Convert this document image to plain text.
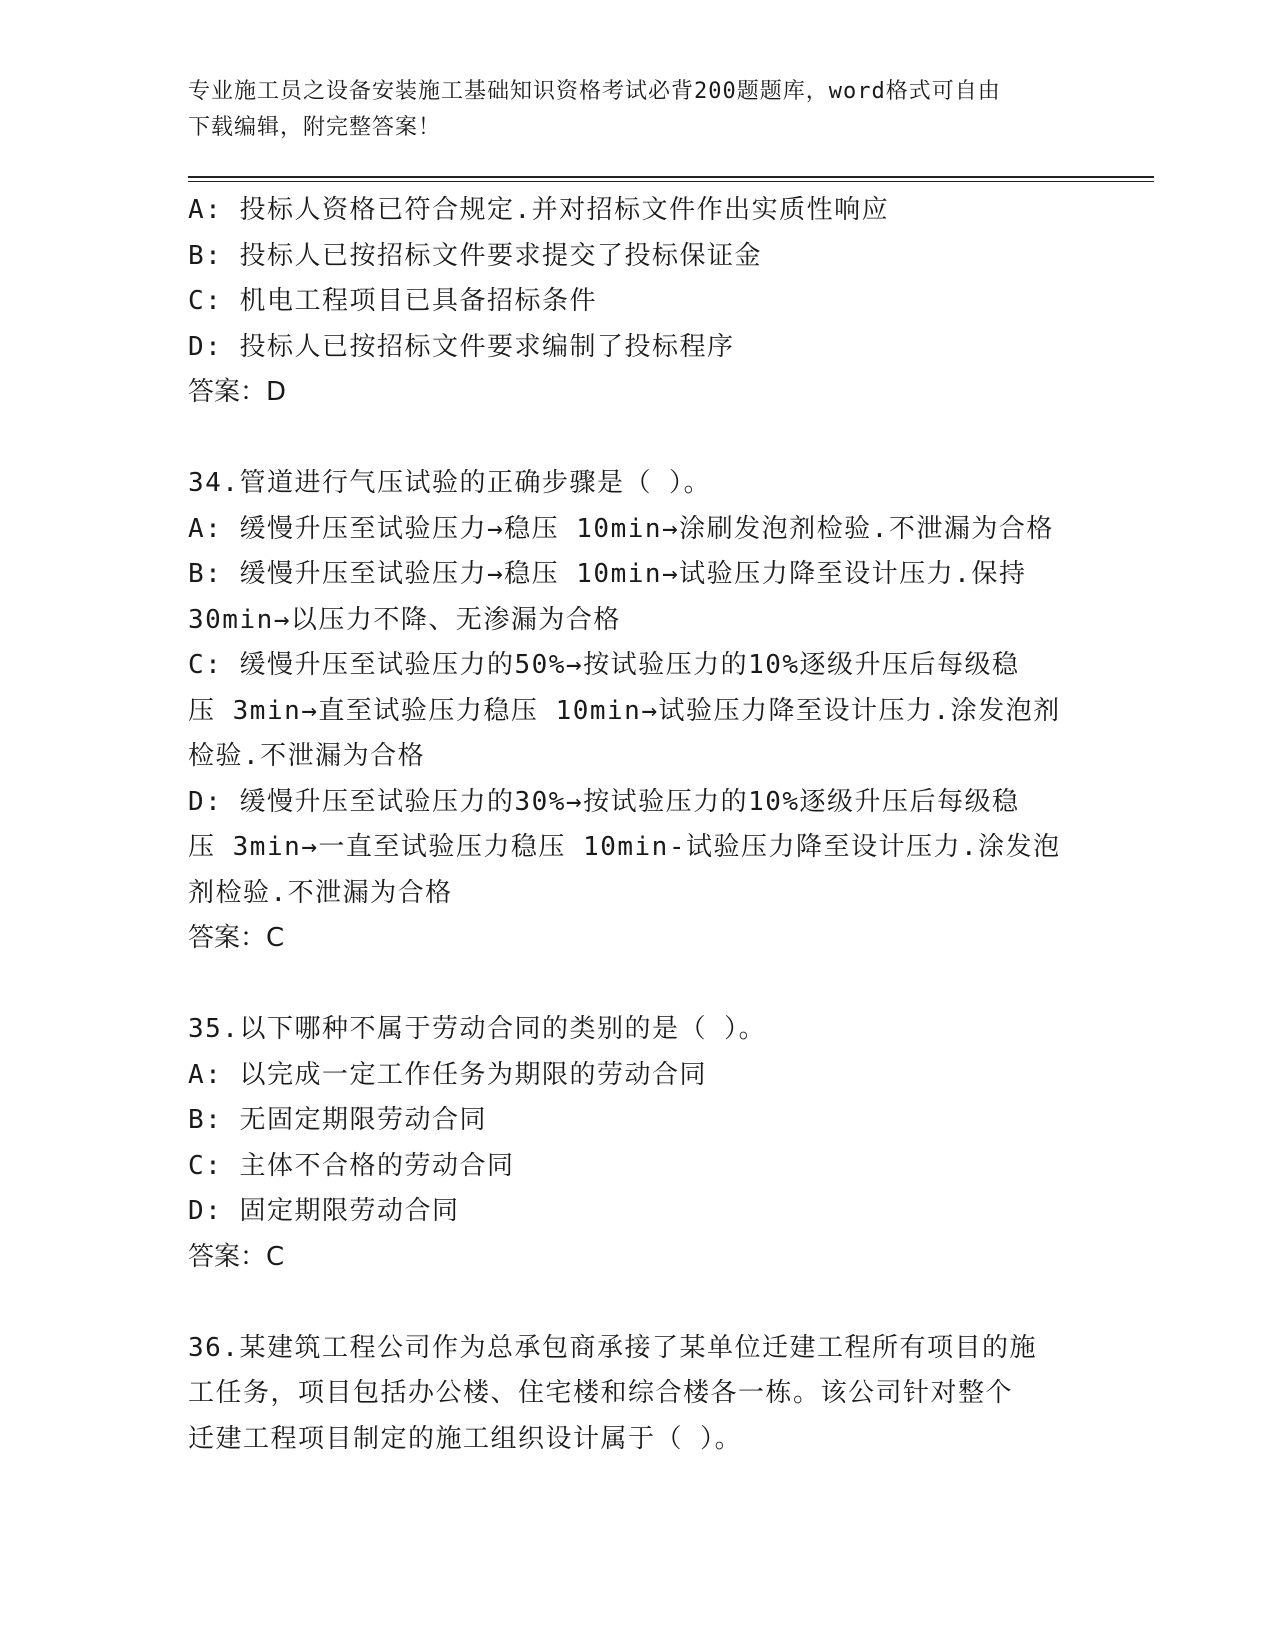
专业施工员之设备安装施工基础知识资格考试必背200题题库，word格式可自由
下载编辑，附完整答案！
A: 投标人资格已符合规定.并对招标文件作出实质性响应
B: 投标人已按招标文件要求提交了投标保证金
C: 机电工程项目已具备招标条件
D: 投标人已按招标文件要求编制了投标程序
答案：D
34.管道进行气压试验的正确步骤是（ ）。
A: 缓慢升压至试验压力→稳压 10min→涂刷发泡剂检验.不泄漏为合格
B: 缓慢升压至试验压力→稳压 10min→试验压力降至设计压力.保持
30min→以压力不降、无渗漏为合格
C: 缓慢升压至试验压力的50%→按试验压力的10%逐级升压后每级稳
压 3min→直至试验压力稳压 10min→试验压力降至设计压力.涂发泡剂
检验.不泄漏为合格
D: 缓慢升压至试验压力的30%→按试验压力的10%逐级升压后每级稳
压 3min→一直至试验压力稳压 10min-试验压力降至设计压力.涂发泡
剂检验.不泄漏为合格
答案：C
35.以下哪种不属于劳动合同的类别的是（ ）。
A: 以完成一定工作任务为期限的劳动合同
B: 无固定期限劳动合同
C: 主体不合格的劳动合同
D: 固定期限劳动合同
答案：C
36.某建筑工程公司作为总承包商承接了某单位迁建工程所有项目的施
工任务，项目包括办公楼、住宅楼和综合楼各一栋。该公司针对整个
迁建工程项目制定的施工组织设计属于（ ）。
